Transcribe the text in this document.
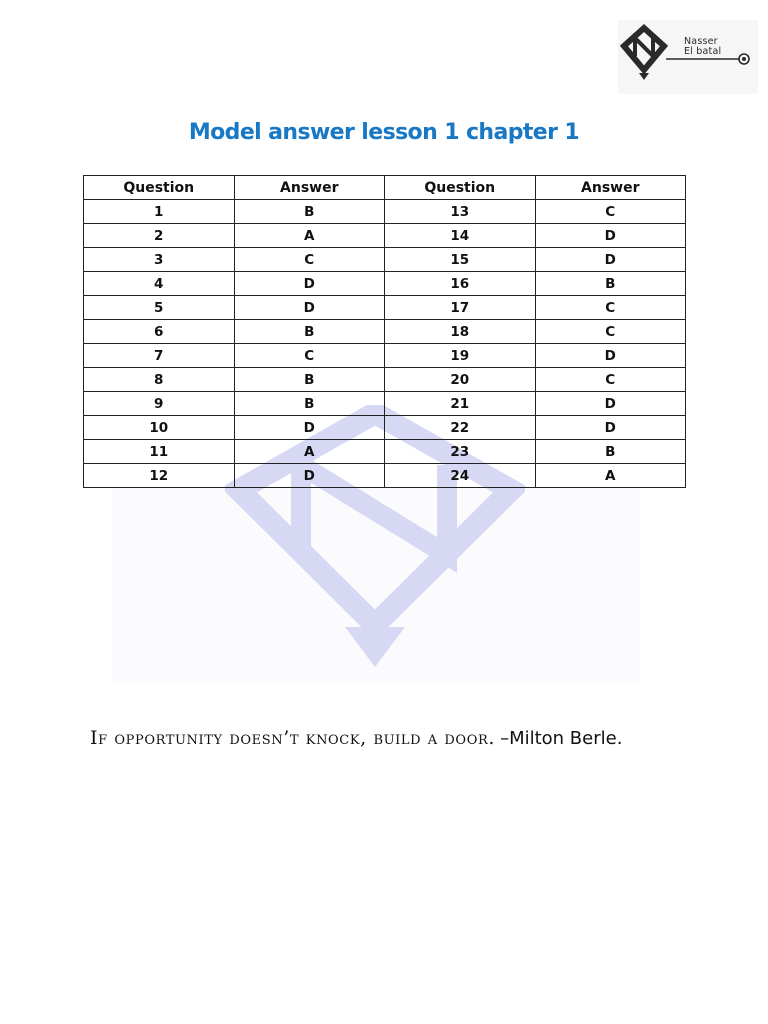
Nasser
El batal
Model answer lesson 1 chapter 1
Question	Answer	Question	Answer
1	B	13	C
2	A	14	D
3	C	15	D
4	D	16	B
5	D	17	C
6	B	18	C
7	C	19	D
8	B	20	C
9	B	21	D
10	D	22	D
11	A	23	B
12	D	24	A
If opportunity doesn’t knock, build a door. –Milton Berle.
